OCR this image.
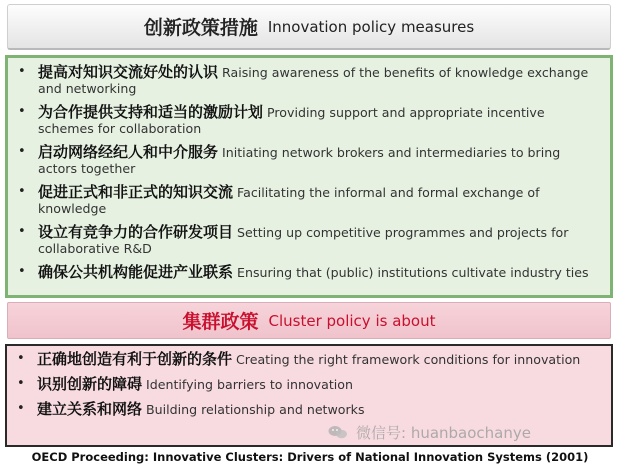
创新政策措施 Innovation policy measures
• 提高对知识交流好处的认识 Raising awareness of the benefits of knowledge exchange and networking
• 为合作提供支持和适当的激励计划 Providing support and appropriate incentive schemes for collaboration
• 启动网络经纪人和中介服务 Initiating network brokers and intermediaries to bring actors together
• 促进正式和非正式的知识交流 Facilitating the informal and formal exchange of knowledge
• 设立有竞争力的合作研发项目 Setting up competitive programmes and projects for collaborative R&D
• 确保公共机构能促进产业联系 Ensuring that (public) institutions cultivate industry ties
集群政策 Cluster policy is about
• 正确地创造有利于创新的条件 Creating the right framework conditions for innovation
• 识别创新的障碍 Identifying barriers to innovation
• 建立关系和网络 Building relationship and networks
微信号: huanbaochanye
OECD Proceeding: Innovative Clusters: Drivers of National Innovation Systems (2001)
